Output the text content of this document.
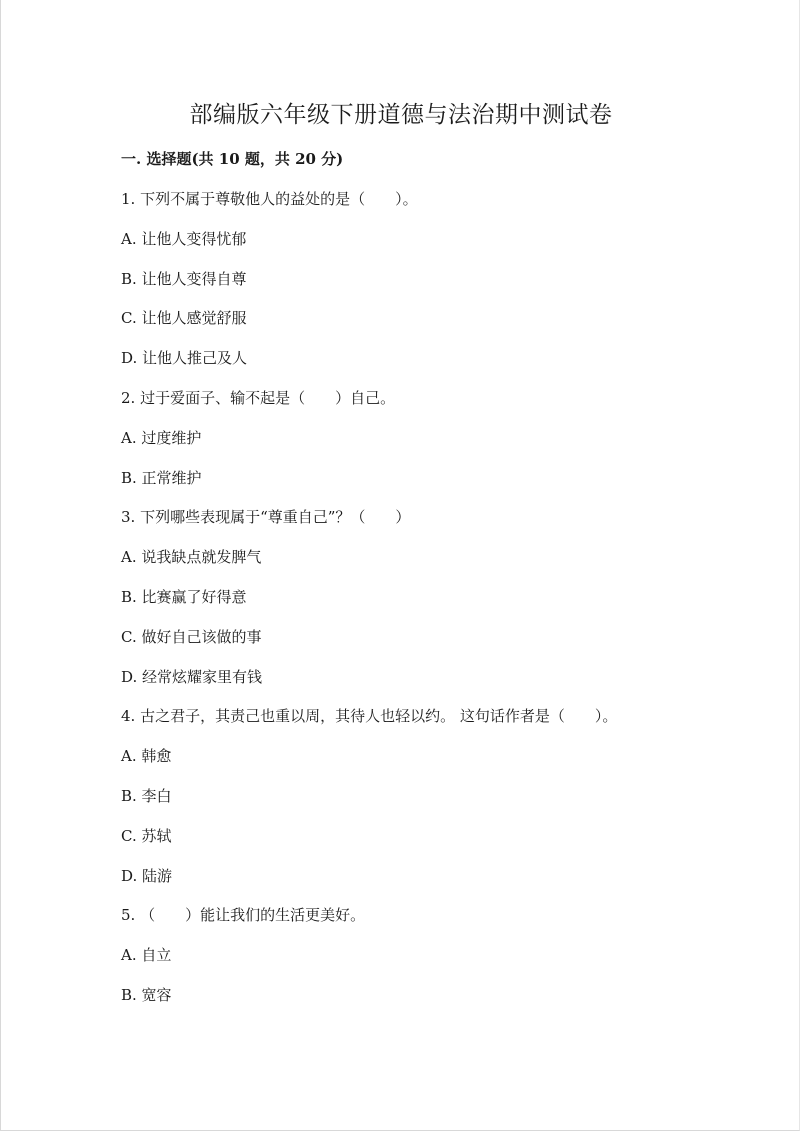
部编版六年级下册道德与法治期中测试卷
一. 选择题(共 10 题，共 20 分)
1. 下列不属于尊敬他人的益处的是（　　）。
A. 让他人变得忧郁
B. 让他人变得自尊
C. 让他人感觉舒服
D. 让他人推己及人
2. 过于爱面子、输不起是（　　）自己。
A. 过度维护
B. 正常维护
3. 下列哪些表现属于“尊重自己”？（　　）
A. 说我缺点就发脾气
B. 比赛赢了好得意
C. 做好自己该做的事
D. 经常炫耀家里有钱
4. 古之君子，其责己也重以周，其待人也轻以约。 这句话作者是（　　）。
A. 韩愈
B. 李白
C. 苏轼
D. 陆游
5. （　　）能让我们的生活更美好。
A. 自立
B. 宽容
